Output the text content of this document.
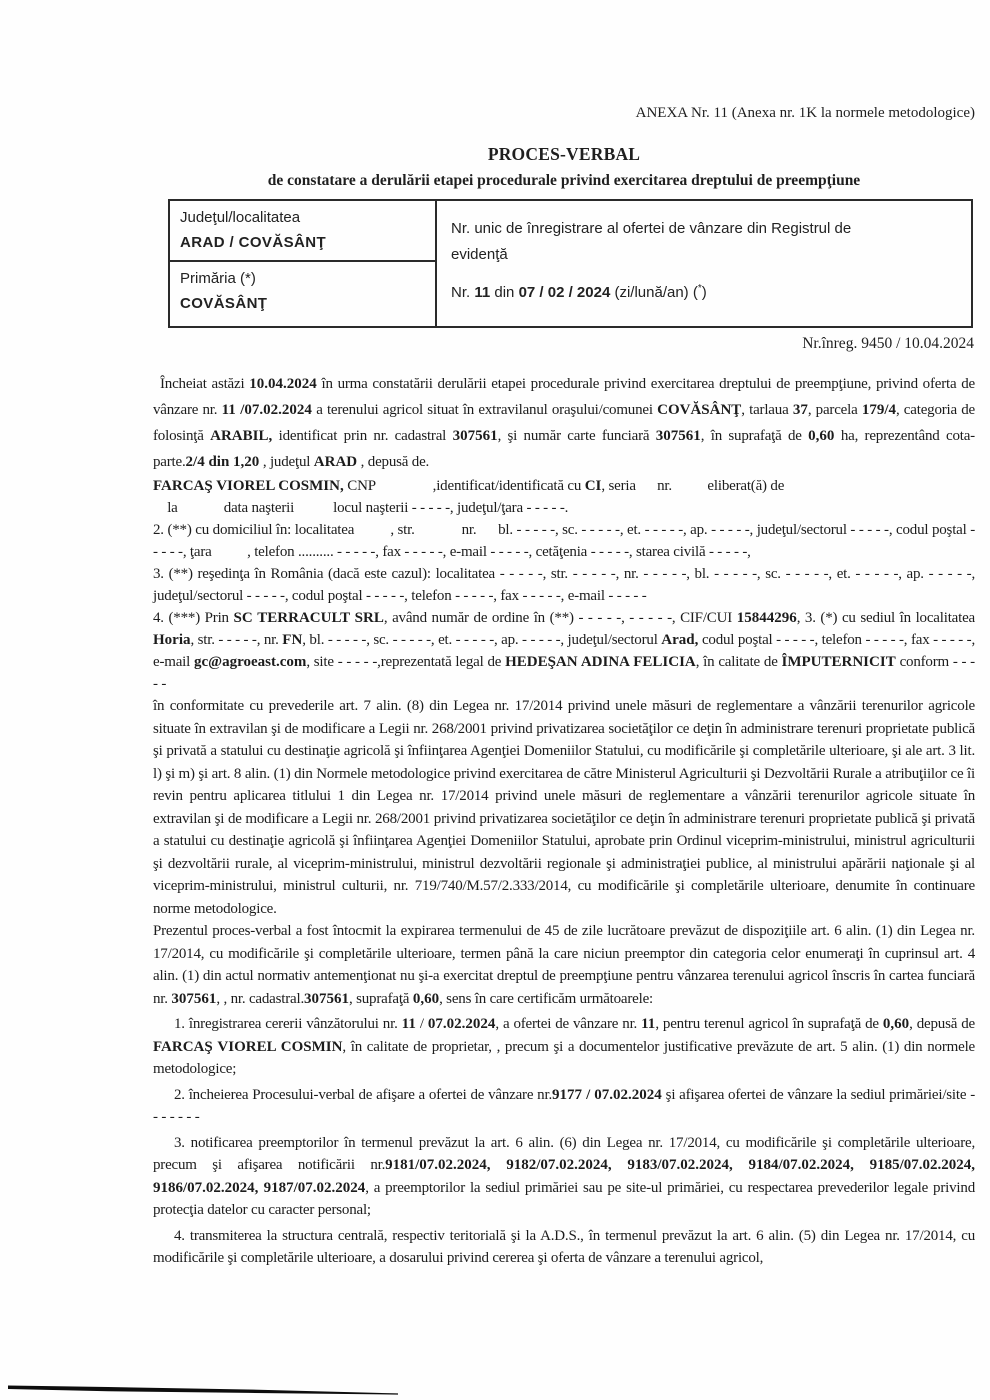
ANEXA Nr. 11 (Anexa nr. 1K la normele metodologice)
PROCES-VERBAL
de constatare a derulării etapei procedurale privind exercitarea dreptului de preempţiune
Judeţul/localitatea
ARAD / COVĂSÂNŢ

Nr. unic de înregistrare al ofertei de vânzare din Registrul de
evidenţă
Nr. 11 din 07 / 02 / 2024 (zi/lună/an) (*)

Primăria (*)
COVĂSÂNŢ
Nr.înreg. 9450 / 10.04.2024

Încheiat astăzi 10.04.2024 în urma constatării derulării etapei procedurale privind exercitarea dreptului de preempţiune, privind oferta de vânzare nr. 11 /07.02.2024 a terenului agricol situat în extravilanul oraşului/comunei COVĂSÂNŢ, tarlaua 37, parcela 179/4, categoria de folosinţă ARABIL, identificat prin nr. cadastral 307561, şi număr carte funciară 307561, în suprafaţă de 0,60 ha, reprezentând cota-parte.2/4 din 1,20 , judeţul ARAD , depusă de.

FARCAŞ VIOREL COSMIN, CNP                ,identificat/identificată cu CI, seria      nr.          eliberat(ă) de
la             data naşterii           locul naşterii - - - - -, judeţul/ţara - - - - -.

2. (**) cu domiciliul în: localitatea          , str.             nr.      bl. - - - - -, sc. - - - - -, et. - - - - -, ap. - - - - -, judeţul/sectorul - - - - -, codul poştal - - - - -, ţara          , telefon .......... - - - - -, fax - - - - -, e-mail - - - - -, cetăţenia - - - - -, starea civilă - - - - -,

3. (**) reşedinţa în România (dacă este cazul): localitatea - - - - -, str. - - - - -, nr. - - - - -, bl. - - - - -, sc. - - - - -, et. - - - - -, ap. - - - - -, judeţul/sectorul - - - - -, codul poştal - - - - -, telefon - - - - -, fax - - - - -, e-mail - - - - -

4. (***) Prin SC TERRACULT SRL, având număr de ordine în (**) - - - - -, - - - - -, CIF/CUI 15844296, 3. (*) cu sediul în localitatea Horia, str. - - - - -, nr. FN, bl. - - - - -, sc. - - - - -, et. - - - - -, ap. - - - - -, judeţul/sectorul Arad, codul poştal - - - - -, telefon - - - - -, fax - - - - -, e-mail gc@agroeast.com, site - - - - -,reprezentată legal de HEDEŞAN ADINA FELICIA, în calitate de ÎMPUTERNICIT conform - - - - -

în conformitate cu prevederile art. 7 alin. (8) din Legea nr. 17/2014 privind unele măsuri de reglementare a vânzării terenurilor agricole situate în extravilan şi de modificare a Legii nr. 268/2001 privind privatizarea societăţilor ce deţin în administrare terenuri proprietate publică şi privată a statului cu destinaţie agricolă şi înfiinţarea Agenţiei Domeniilor Statului, cu modificările şi completările ulterioare, şi ale art. 3 lit. l) şi m) şi art. 8 alin. (1) din Normele metodologice privind exercitarea de către Ministerul Agriculturii şi Dezvoltării Rurale a atribuţiilor ce îi revin pentru aplicarea titlului 1 din Legea nr. 17/2014 privind unele măsuri de reglementare a vânzării terenurilor agricole situate în extravilan şi de modificare a Legii nr. 268/2001 privind privatizarea societăţilor ce deţin în administrare terenuri proprietate publică şi privată a statului cu destinaţie agricolă şi înfiinţarea Agenţiei Domeniilor Statului, aprobate prin Ordinul viceprim-ministrului, ministrul agriculturii şi dezvoltării rurale, al viceprim-ministrului, ministrul dezvoltării regionale şi administraţiei publice, al ministrului apărării naţionale şi al viceprim-ministrului, ministrul culturii, nr. 719/740/M.57/2.333/2014, cu modificările şi completările ulterioare, denumite în continuare norme metodologice.

Prezentul proces-verbal a fost întocmit la expirarea termenului de 45 de zile lucrătoare prevăzut de dispoziţiile art. 6 alin. (1) din Legea nr. 17/2014, cu modificările şi completările ulterioare, termen până la care niciun preemptor din categoria celor enumeraţi în cuprinsul art. 4 alin. (1) din actul normativ antemenţionat nu şi-a exercitat dreptul de preempţiune pentru vânzarea terenului agricol înscris în cartea funciară nr. 307561, , nr. cadastral.307561, suprafaţă 0,60, sens în care certificăm următoarele:

1. înregistrarea cererii vânzătorului nr. 11 / 07.02.2024, a ofertei de vânzare nr. 11, pentru terenul agricol în suprafaţă de 0,60, depusă de FARCAŞ VIOREL COSMIN, în calitate de proprietar, , precum şi a documentelor justificative prevăzute de art. 5 alin. (1) din normele metodologice;

2. încheierea Procesului-verbal de afişare a ofertei de vânzare nr.9177 / 07.02.2024 şi afişarea ofertei de vânzare la sediul primăriei/site - - - - - - -

3. notificarea preemptorilor în termenul prevăzut la art. 6 alin. (6) din Legea nr. 17/2014, cu modificările şi completările ulterioare, precum şi afişarea notificării nr.9181/07.02.2024, 9182/07.02.2024, 9183/07.02.2024, 9184/07.02.2024, 9185/07.02.2024, 9186/07.02.2024, 9187/07.02.2024, a preemptorilor la sediul primăriei sau pe site-ul primăriei, cu respectarea prevederilor legale privind protecţia datelor cu caracter personal;

4. transmiterea la structura centrală, respectiv teritorială şi la A.D.S., în termenul prevăzut la art. 6 alin. (5) din Legea nr. 17/2014, cu modificările şi completările ulterioare, a dosarului privind cererea şi oferta de vânzare a terenului agricol,
